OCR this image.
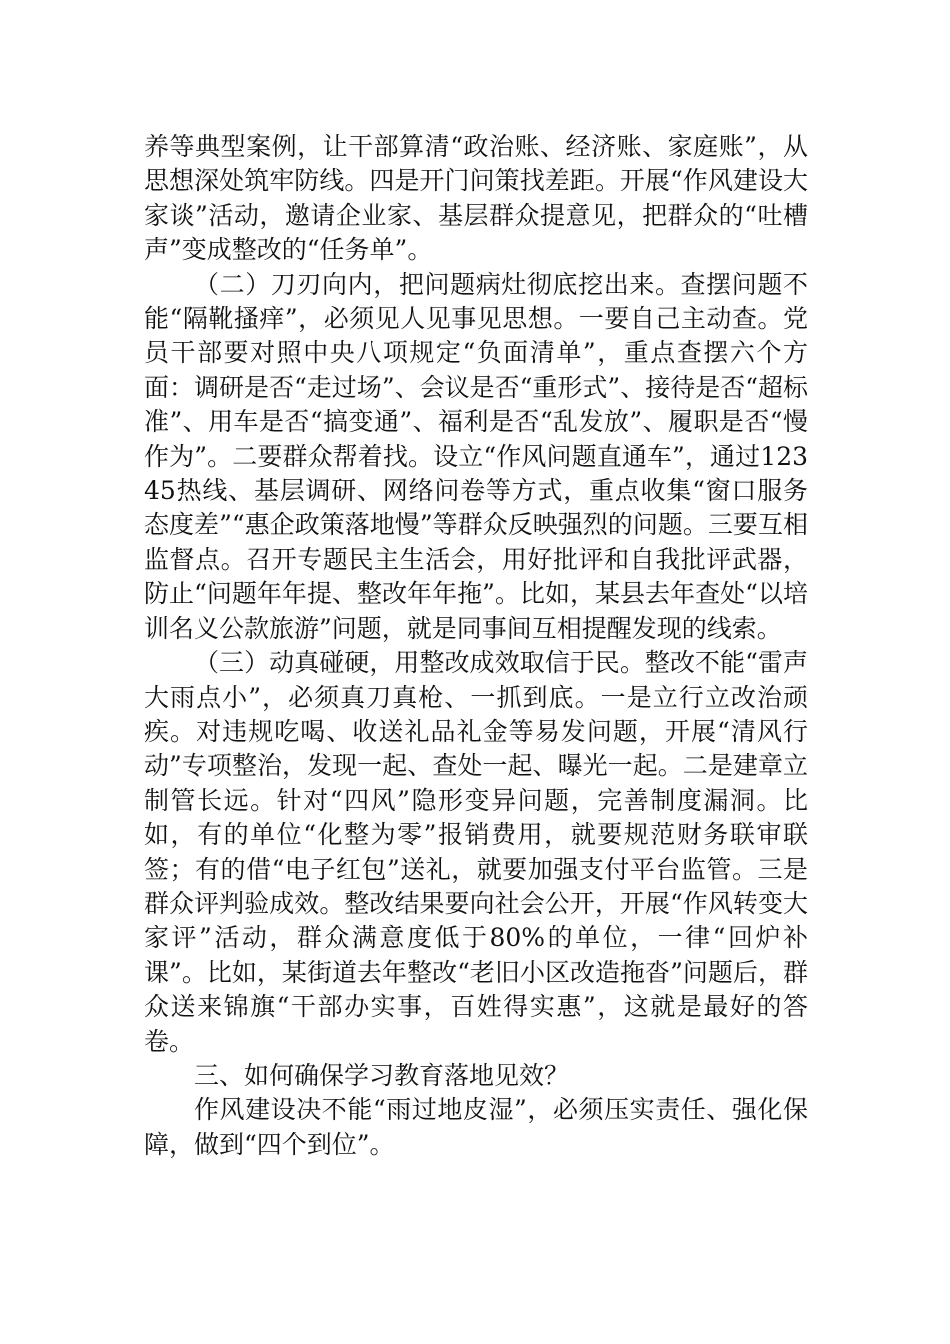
养等典型案例，让干部算清“政治账、经济账、家庭账”，从思想深处筑牢防线。四是开门问策找差距。开展“作风建设大家谈”活动，邀请企业家、基层群众提意见，把群众的“吐槽声”变成整改的“任务单”。

（二）刀刃向内，把问题病灶彻底挖出来。查摆问题不能“隔靴搔痒”，必须见人见事见思想。一要自己主动查。党员干部要对照中央八项规定“负面清单”，重点查摆六个方面：调研是否“走过场”、会议是否“重形式”、接待是否“超标准”、用车是否“搞变通”、福利是否“乱发放”、履职是否“慢作为”。二要群众帮着找。设立“作风问题直通车”，通过12345热线、基层调研、网络问卷等方式，重点收集“窗口服务态度差”“惠企政策落地慢”等群众反映强烈的问题。三要互相监督点。召开专题民主生活会，用好批评和自我批评武器，防止“问题年年提、整改年年拖”。比如，某县去年查处“以培训名义公款旅游”问题，就是同事间互相提醒发现的线索。

（三）动真碰硬，用整改成效取信于民。整改不能“雷声大雨点小”，必须真刀真枪、一抓到底。一是立行立改治顽疾。对违规吃喝、收送礼品礼金等易发问题，开展“清风行动”专项整治，发现一起、查处一起、曝光一起。二是建章立制管长远。针对“四风”隐形变异问题，完善制度漏洞。比如，有的单位“化整为零”报销费用，就要规范财务联审联签；有的借“电子红包”送礼，就要加强支付平台监管。三是群众评判验成效。整改结果要向社会公开，开展“作风转变大家评”活动，群众满意度低于80%的单位，一律“回炉补课”。比如，某街道去年整改“老旧小区改造拖沓”问题后，群众送来锦旗“干部办实事，百姓得实惠”，这就是最好的答卷。

三、如何确保学习教育落地见效？

作风建设决不能“雨过地皮湿”，必须压实责任、强化保障，做到“四个到位”。
